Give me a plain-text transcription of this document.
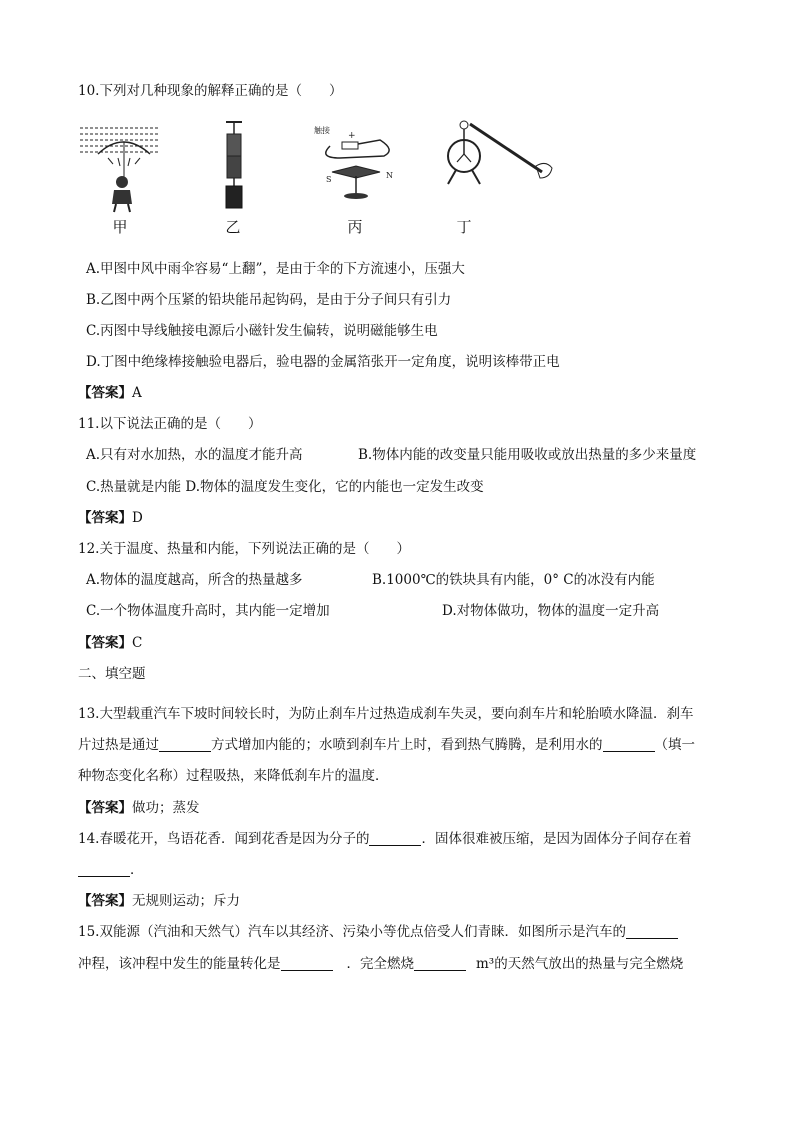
10.下列对几种现象的解释正确的是（　　）
甲	乙
触接
+
S	N
丙	丁
A.甲图中风中雨伞容易“上翻”，是由于伞的下方流速小，压强大
B.乙图中两个压紧的铅块能吊起钩码，是由于分子间只有引力
C.丙图中导线触接电源后小磁针发生偏转，说明磁能够生电
D.丁图中绝缘棒接触验电器后，验电器的金属箔张开一定角度，说明该棒带正电
【答案】A
11.以下说法正确的是（　　）
A.只有对水加热，水的温度才能升高	B.物体内能的改变量只能用吸收或放出热量的多少来量度
C.热量就是内能 D.物体的温度发生变化，它的内能也一定发生改变
【答案】D
12.关于温度、热量和内能，下列说法正确的是（　　）
A.物体的温度越高，所含的热量越多	B.1000℃的铁块具有内能，0° C的冰没有内能
C.一个物体温度升高时，其内能一定增加	D.对物体做功，物体的温度一定升高
【答案】C
二、填空题
13.大型载重汽车下坡时间较长时，为防止刹车片过热造成刹车失灵，要向刹车片和轮胎喷水降温．刹车
片过热是通过	方式增加内能的；水喷到刹车片上时，看到热气腾腾，是利用水的	（填一
种物态变化名称）过程吸热，来降低刹车片的温度．
【答案】做功；蒸发
14.春暖花开，鸟语花香．闻到花香是因为分子的	．固体很难被压缩，是因为固体分子间存在着
．
【答案】无规则运动；斥力
15.双能源（汽油和天然气）汽车以其经济、污染小等优点倍受人们青睐．如图所示是汽车的
冲程，该冲程中发生的能量转化是	．完全燃烧	m³的天然气放出的热量与完全燃烧
